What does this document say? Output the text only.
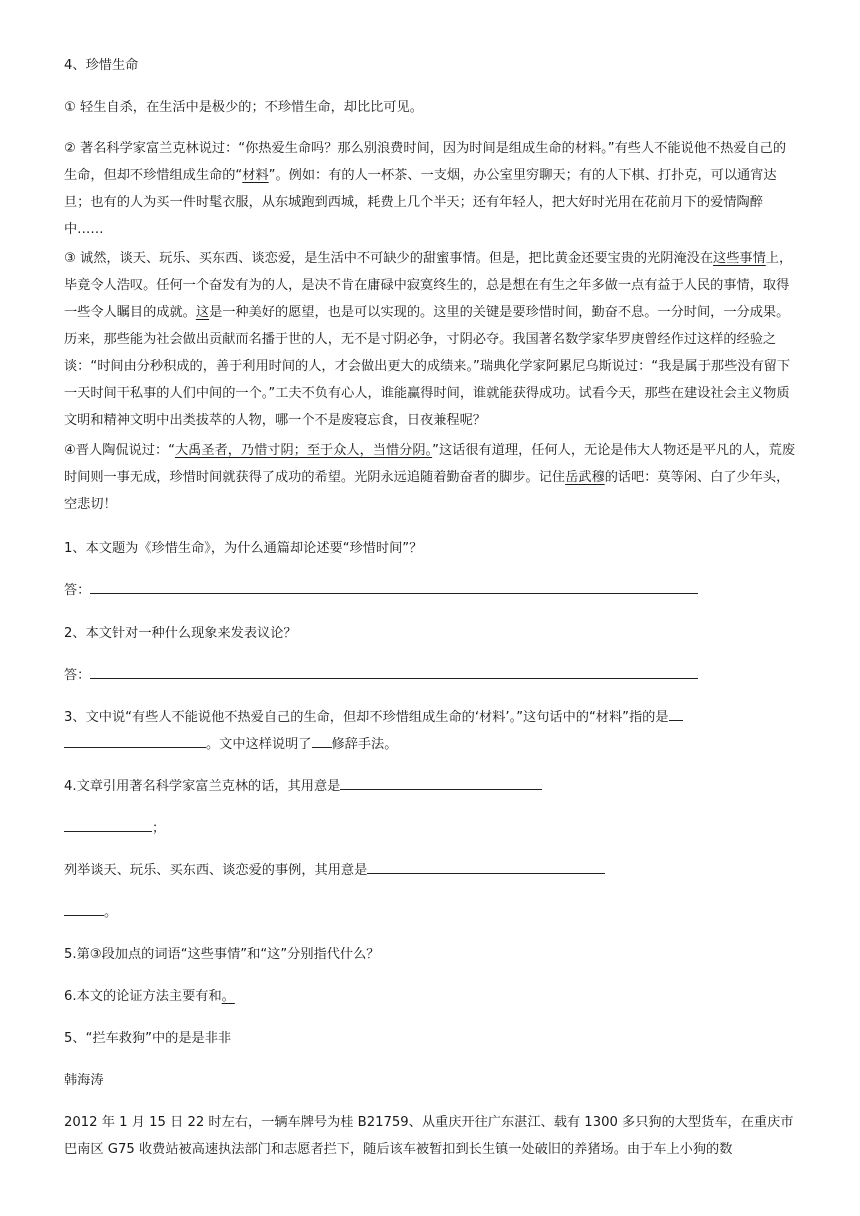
4、珍惜生命

① 轻生自杀，在生活中是极少的；不珍惜生命，却比比可见。

② 著名科学家富兰克林说过：“你热爱生命吗？那么别浪费时间，因为时间是组成生命的材料。”有些人不能说他不热爱自己的生命，但却不珍惜组成生命的“材料”。例如：有的人一杯茶、一支烟，办公室里穷聊天；有的人下棋、打扑克，可以通宵达旦；也有的人为买一件时髦衣服，从东城跑到西城，耗费上几个半天；还有年轻人，把大好时光用在花前月下的爱情陶醉中……

③ 诚然，谈天、玩乐、买东西、谈恋爱，是生活中不可缺少的甜蜜事情。但是，把比黄金还要宝贵的光阴淹没在这些事情上，毕竟令人浩叹。任何一个奋发有为的人，是决不肯在庸碌中寂寞终生的，总是想在有生之年多做一点有益于人民的事情，取得一些令人瞩目的成就。这是一种美好的愿望，也是可以实现的。这里的关键是要珍惜时间，勤奋不息。一分时间，一分成果。历来，那些能为社会做出贡献而名播于世的人，无不是寸阴必争，寸阴必夺。我国著名数学家华罗庚曾经作过这样的经验之谈：“时间由分秒积成的，善于利用时间的人，才会做出更大的成绩来。”瑞典化学家阿累尼乌斯说过：“我是属于那些没有留下一天时间干私事的人们中间的一个。”工夫不负有心人，谁能赢得时间，谁就能获得成功。试看今天，那些在建设社会主义物质文明和精神文明中出类拔萃的人物，哪一个不是废寝忘食，日夜兼程呢？

④晋人陶侃说过：“大禹圣者，乃惜寸阴；至于众人，当惜分阴。”这话很有道理，任何人，无论是伟大人物还是平凡的人，荒废时间则一事无成，珍惜时间就获得了成功的希望。光阴永远追随着勤奋者的脚步。记住岳武穆的话吧：莫等闲、白了少年头，空悲切！

1、本文题为《珍惜生命》，为什么通篇却论述要“珍惜时间”？

答：

2、本文针对一种什么现象来发表议论？

答：

3、文中说“有些人不能说他不热爱自己的生命，但却不珍惜组成生命的‘材料’。”这句话中的“材料”指的是
。文中这样说明了 修辞手法。

4.文章引用著名科学家富兰克林的话，其用意是

；

列举谈天、玩乐、买东西、谈恋爱的事例，其用意是

。

5.第③段加点的词语“这些事情”和“这”分别指代什么？

6.本文的论证方法主要有和。

5、“拦车救狗”中的是是非非

韩海涛

2012 年 1 月 15 日 22 时左右，一辆车牌号为桂 B21759、从重庆开往广东湛江、载有 1300 多只狗的大型货车，在重庆市巴南区 G75 收费站被高速执法部门和志愿者拦下，随后该车被暂扣到长生镇一处破旧的养猪场。由于车上小狗的数
